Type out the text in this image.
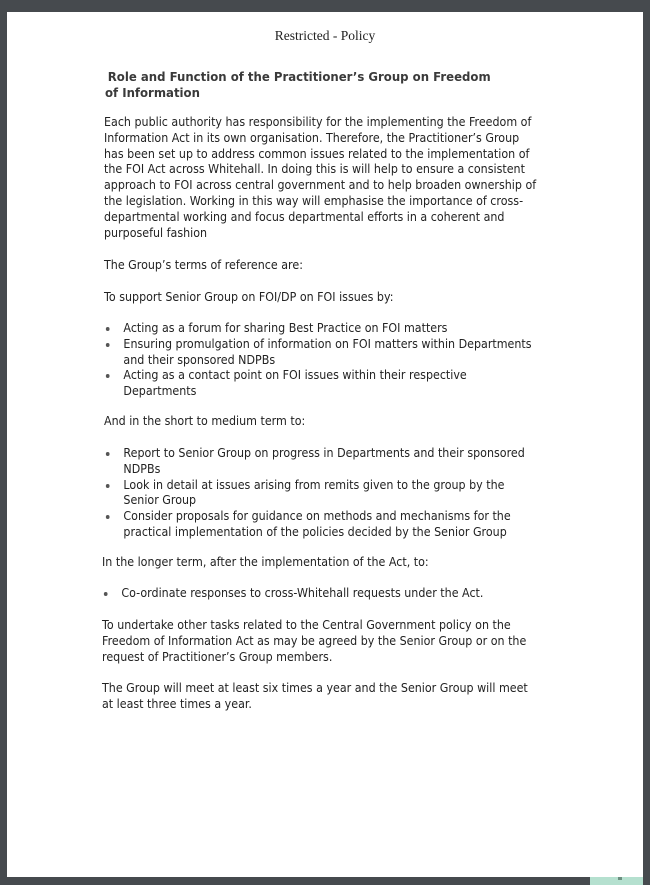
Restricted - Policy
Role and Function of the Practitioner’s Group on Freedom of Information

Each public authority has responsibility for the implementing the Freedom of Information Act in its own organisation. Therefore, the Practitioner’s Group has been set up to address common issues related to the implementation of the FOI Act across Whitehall. In doing this is will help to ensure a consistent approach to FOI across central government and to help broaden ownership of the legislation. Working in this way will emphasise the importance of cross-departmental working and focus departmental efforts in a coherent and purposeful fashion

The Group’s terms of reference are:

To support Senior Group on FOI/DP on FOI issues by:

Acting as a forum for sharing Best Practice on FOI matters
Ensuring promulgation of information on FOI matters within Departments and their sponsored NDPBs
Acting as a contact point on FOI issues within their respective Departments

And in the short to medium term to:

Report to Senior Group on progress in Departments and their sponsored NDPBs
Look in detail at issues arising from remits given to the group by the Senior Group
Consider proposals for guidance on methods and mechanisms for the practical implementation of the policies decided by the Senior Group

In the longer term, after the implementation of the Act, to:

Co-ordinate responses to cross-Whitehall requests under the Act.

To undertake other tasks related to the Central Government policy on the Freedom of Information Act as may be agreed by the Senior Group or on the request of Practitioner’s Group members.

The Group will meet at least six times a year and the Senior Group will meet at least three times a year.
